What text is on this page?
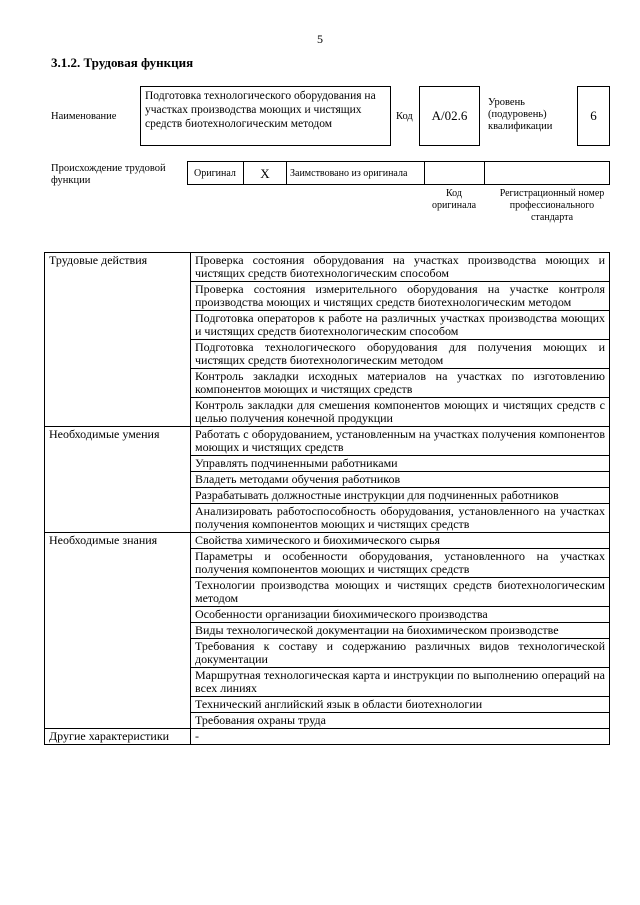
5
3.1.2. Трудовая функция
Наименование
Подготовка технологического оборудования на участках производства моющих и чистящих средств биотехнологическим методом
Код А/02.6
Уровень (подуровень) квалификации
6
Происхождение трудовой функции
Оригинал X Заимствовано из оригинала
Код оригинала
Регистрационный номер профессионального стандарта
Трудовые действия	Проверка состояния оборудования на участках производства моющих и чистящих средств биотехнологическим способом
	Проверка состояния измерительного оборудования на участке контроля производства моющих и чистящих средств биотехнологическим методом
	Подготовка операторов к работе на различных участках производства моющих и чистящих средств биотехнологическим способом
	Подготовка технологического оборудования для получения моющих и чистящих средств биотехнологическим методом
	Контроль закладки исходных материалов на участках по изготовлению компонентов моющих и чистящих средств
	Контроль закладки для смешения компонентов моющих и чистящих средств с целью получения конечной продукции
Необходимые умения	Работать с оборудованием, установленным на участках получения компонентов моющих и чистящих средств
	Управлять подчиненными работниками
	Владеть методами обучения работников
	Разрабатывать должностные инструкции для подчиненных работников
	Анализировать работоспособность оборудования, установленного на участках получения компонентов моющих и чистящих средств
Необходимые знания	Свойства химического и биохимического сырья
	Параметры и особенности оборудования, установленного на участках получения компонентов моющих и чистящих средств
	Технологии производства моющих и чистящих средств биотехнологическим методом
	Особенности организации биохимического производства
	Виды технологической документации на биохимическом производстве
	Требования к составу и содержанию различных видов технологической документации
	Маршрутная технологическая карта и инструкции по выполнению операций на всех линиях
	Технический английский язык в области биотехнологии
	Требования охраны труда
Другие характеристики	-
